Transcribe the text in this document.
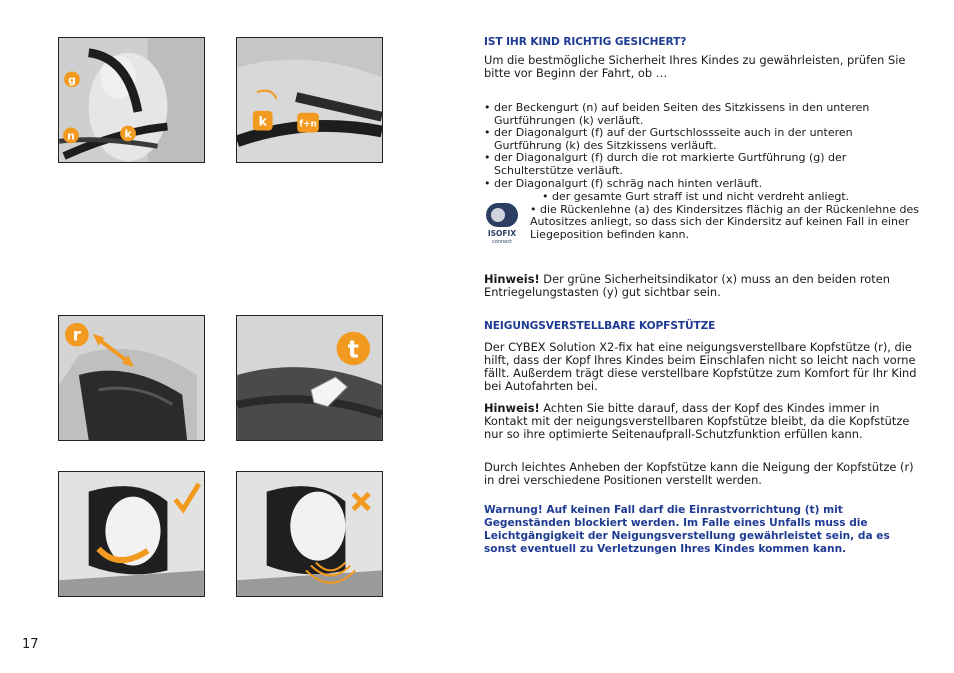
g
n	k
k	f+n
r
t

IST IHR KIND RICHTIG GESICHERT?

Um die bestmögliche Sicherheit Ihres Kindes zu gewährleisten, prüfen Sie bitte vor Beginn der Fahrt, ob …

• der Beckengurt (n) auf beiden Seiten des Sitzkissens in den unteren Gurtführungen (k) verläuft.

• der Diagonalgurt (f) auf der Gurtschlossseite auch in der unteren Gurtführung (k) des Sitzkissens verläuft.

• der Diagonalgurt (f) durch die rot markierte Gurtführung (g) der Schulterstütze verläuft.

• der Diagonalgurt (f) schräg nach hinten verläuft.

ISOFIX
connect

• der gesamte Gurt straff ist und nicht verdreht anliegt.

• die Rückenlehne (a) des Kindersitzes flächig an der Rückenlehne des Autositzes anliegt, so dass sich der Kindersitz auf keinen Fall in einer Liegeposition befinden kann.

Hinweis! Der grüne Sicherheitsindikator (x) muss an den beiden roten Entriegelungstasten (y) gut sichtbar sein.

NEIGUNGSVERSTELLBARE KOPFSTÜTZE

Der CYBEX Solution X2-fix hat eine neigungsverstellbare Kopfstütze (r), die hilft, dass der Kopf Ihres Kindes beim Einschlafen nicht so leicht nach vorne fällt. Außerdem trägt diese verstellbare Kopfstütze zum Komfort für Ihr Kind bei Autofahrten bei.

Hinweis! Achten Sie bitte darauf, dass der Kopf des Kindes immer in Kontakt mit der neigungsverstellbaren Kopfstütze bleibt, da die Kopfstütze nur so ihre optimierte Seitenaufprall-Schutzfunktion erfüllen kann.

Durch leichtes Anheben der Kopfstütze kann die Neigung der Kopfstütze (r) in drei verschiedene Positionen verstellt werden.

Warnung! Auf keinen Fall darf die Einrastvorrichtung (t) mit Gegenständen blockiert werden. Im Falle eines Unfalls muss die Leichtgängigkeit der Neigungsverstellung gewährleistet sein, da es sonst eventuell zu Verletzungen Ihres Kindes kommen kann.

17
